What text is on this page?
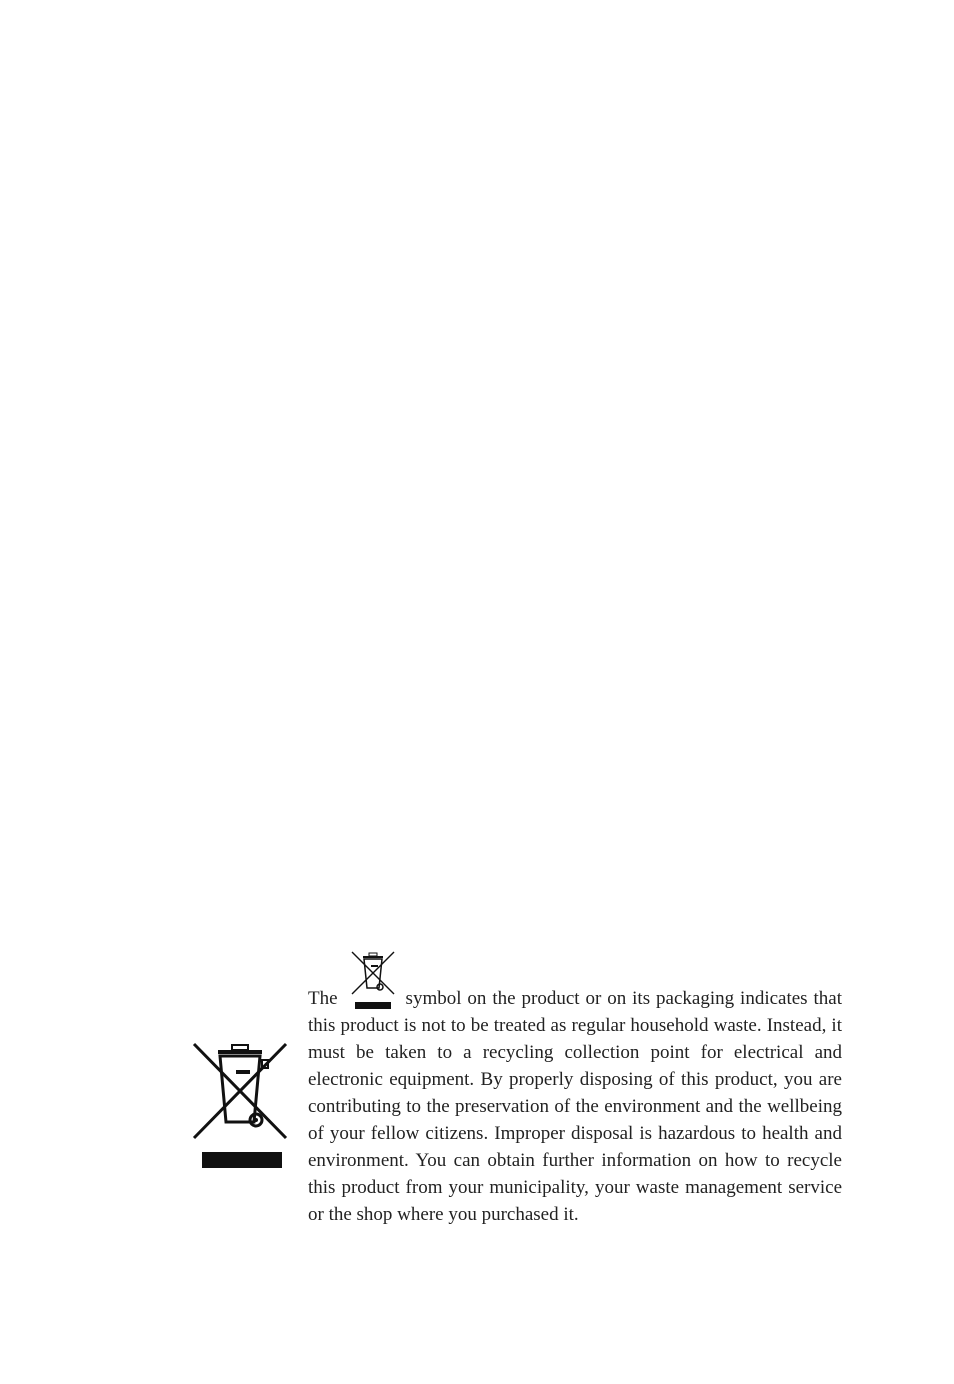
The	symbol on the product or on its packaging indicates that this product is not to be treated as regular household waste. Instead, it must be taken to a recycling collection point for electrical and electronic equipment. By properly disposing of this product, you are contributing to the preservation of the environment and the wellbeing of your fellow citizens. Improper disposal is hazardous to health and environment. You can obtain further information on how to recycle this product from your municipality, your waste management service or the shop where you purchased it.
